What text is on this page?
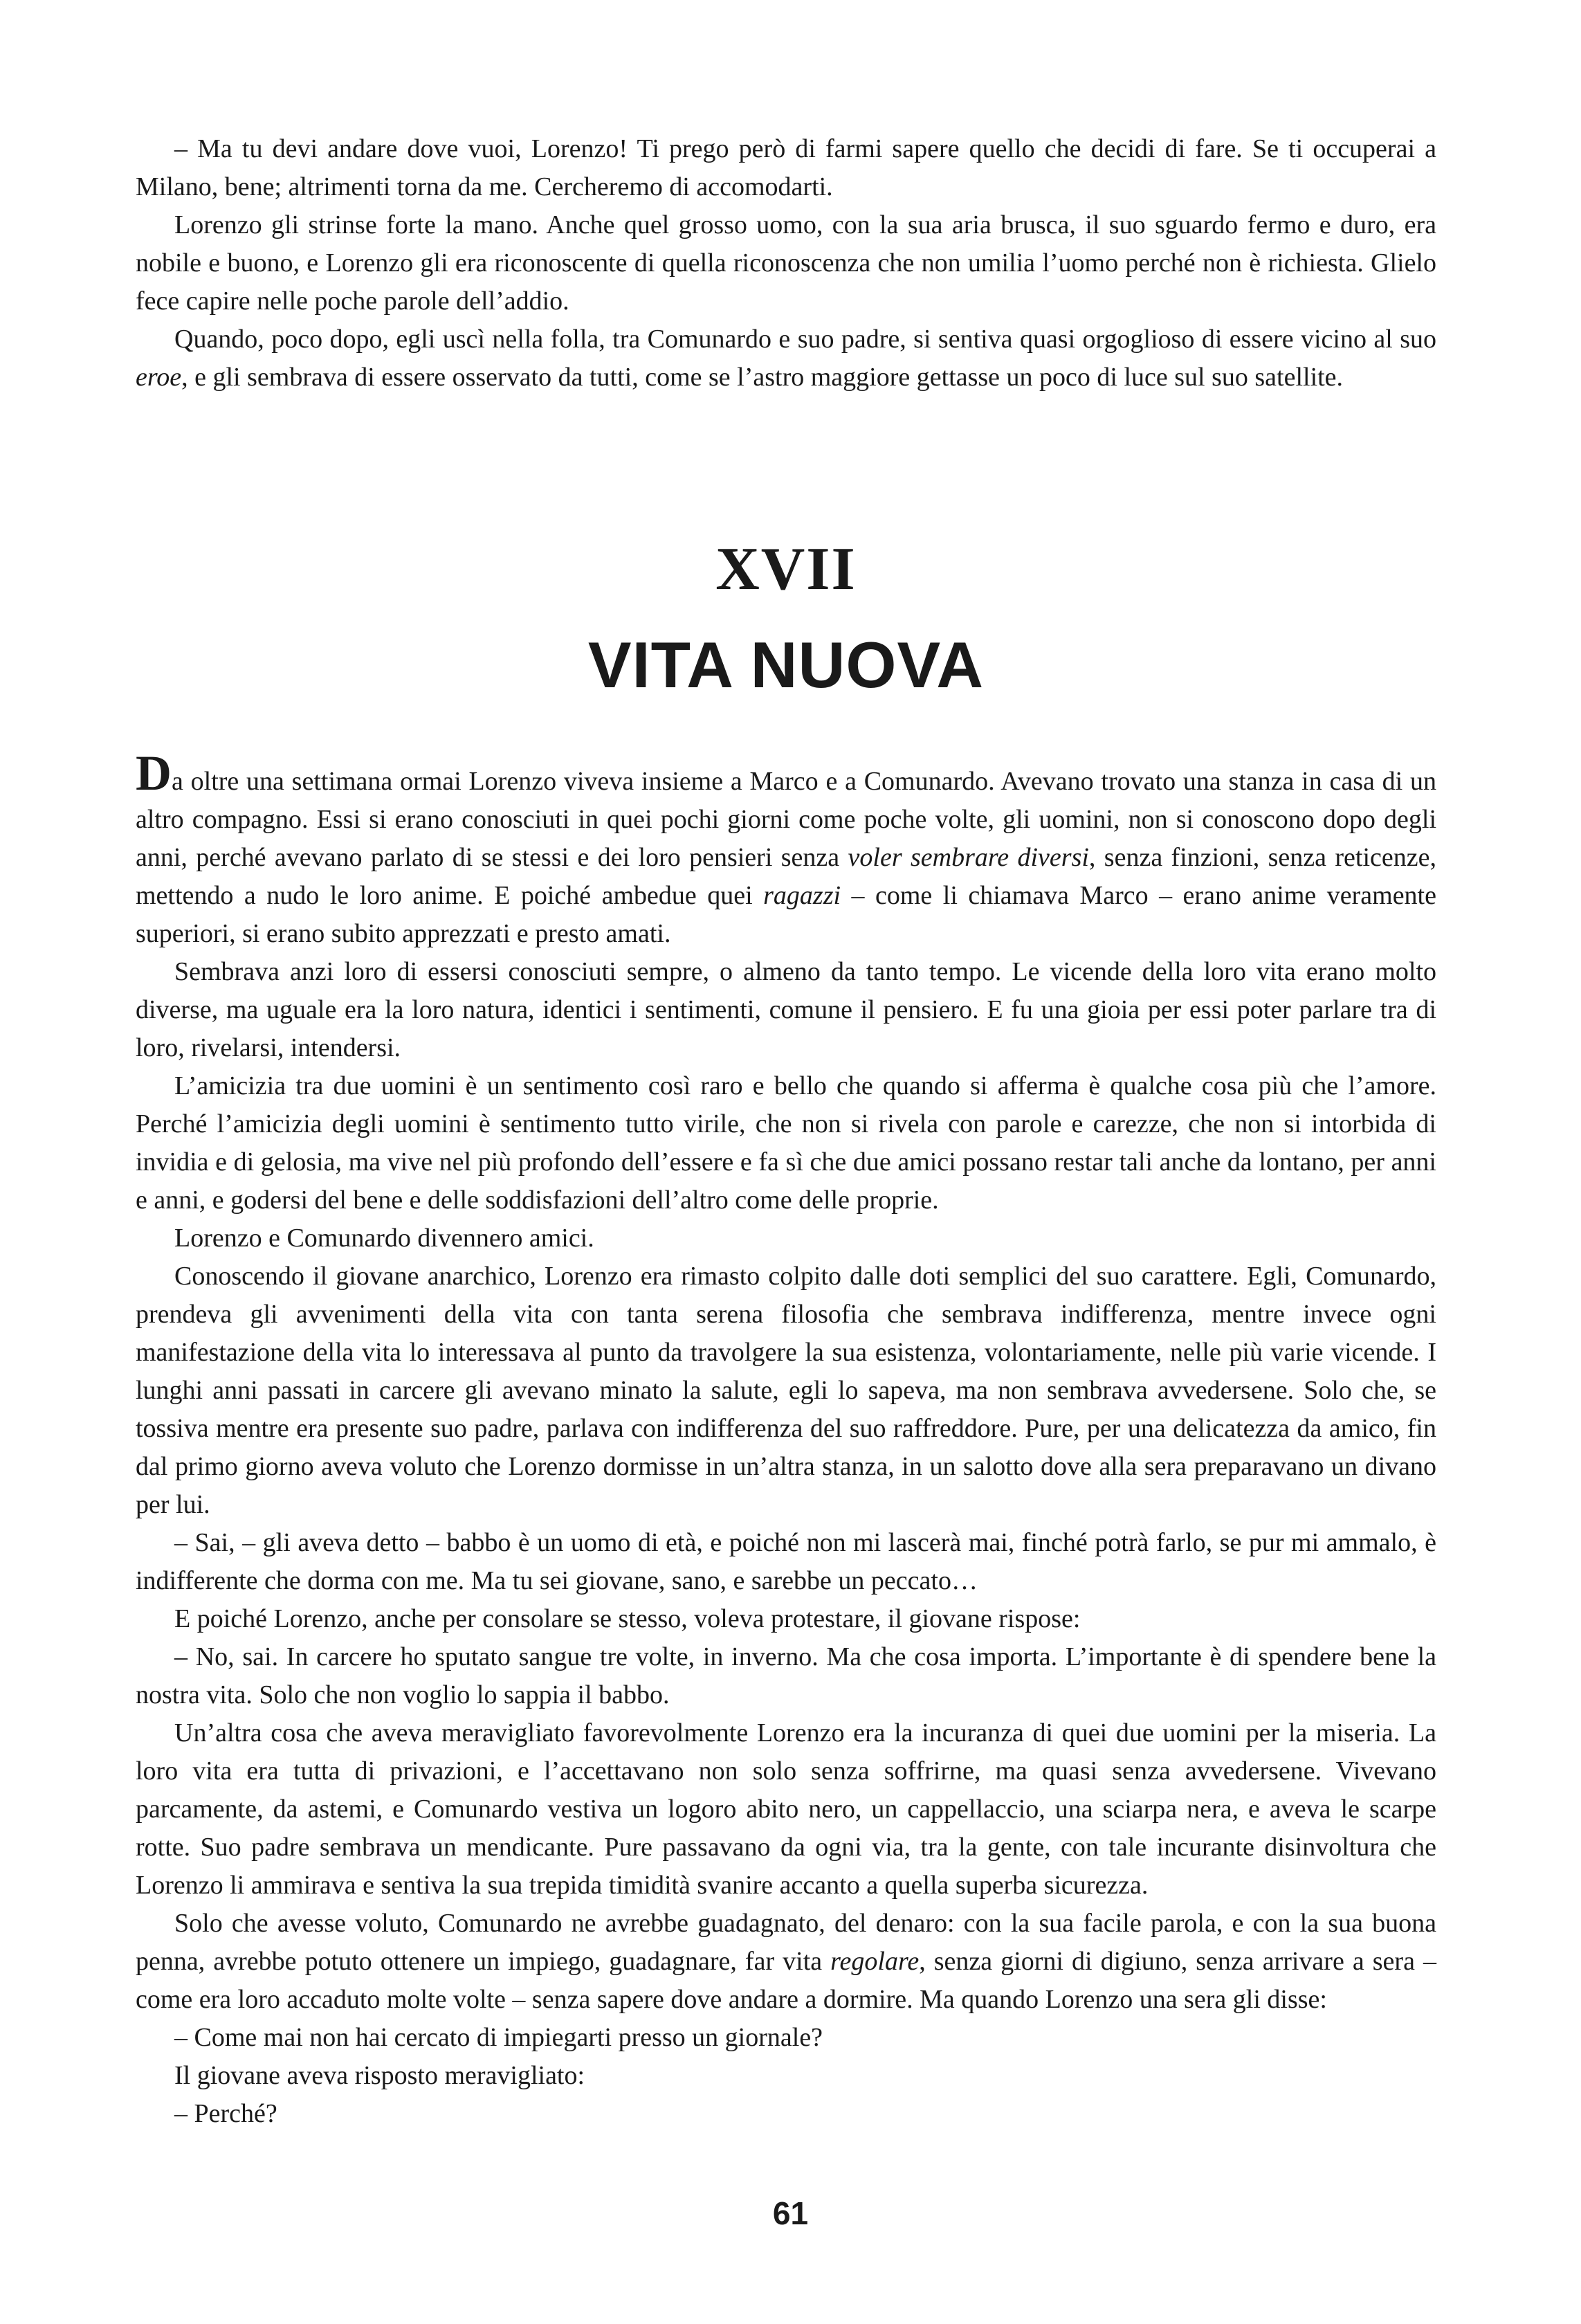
– Ma tu devi andare dove vuoi, Lorenzo! Ti prego però di farmi sapere quello che decidi di fare. Se ti occuperai a Milano, bene; altrimenti torna da me. Cercheremo di accomodarti.

Lorenzo gli strinse forte la mano. Anche quel grosso uomo, con la sua aria brusca, il suo sguardo fermo e duro, era nobile e buono, e Lorenzo gli era riconoscente di quella riconoscenza che non umilia l’uomo perché non è richiesta. Glielo fece capire nelle poche parole dell’addio.

Quando, poco dopo, egli uscì nella folla, tra Comunardo e suo padre, si sentiva quasi orgoglioso di essere vicino al suo eroe, e gli sembrava di essere osservato da tutti, come se l’astro maggiore gettasse un poco di luce sul suo satellite.

XVII
VITA NUOVA

Da oltre una settimana ormai Lorenzo viveva insieme a Marco e a Comunardo. Avevano trovato una stanza in casa di un altro compagno. Essi si erano conosciuti in quei pochi giorni come poche volte, gli uomini, non si conoscono dopo degli anni, perché avevano parlato di se stessi e dei loro pensieri senza voler sembrare diversi, senza finzioni, senza reticenze, mettendo a nudo le loro anime. E poiché ambedue quei ragazzi – come li chiamava Marco – erano anime veramente superiori, si erano subito apprezzati e presto amati.

Sembrava anzi loro di essersi conosciuti sempre, o almeno da tanto tempo. Le vicende della loro vita erano molto diverse, ma uguale era la loro natura, identici i sentimenti, comune il pensiero. E fu una gioia per essi poter parlare tra di loro, rivelarsi, intendersi.

L’amicizia tra due uomini è un sentimento così raro e bello che quando si afferma è qualche cosa più che l’amore. Perché l’amicizia degli uomini è sentimento tutto virile, che non si rivela con parole e carezze, che non si intorbida di invidia e di gelosia, ma vive nel più profondo dell’essere e fa sì che due amici possano restar tali anche da lontano, per anni e anni, e godersi del bene e delle soddisfazioni dell’altro come delle proprie.

Lorenzo e Comunardo divennero amici.

Conoscendo il giovane anarchico, Lorenzo era rimasto colpito dalle doti semplici del suo carattere. Egli, Comunardo, prendeva gli avvenimenti della vita con tanta serena filosofia che sembrava indifferenza, mentre invece ogni manifestazione della vita lo interessava al punto da travolgere la sua esistenza, volontariamente, nelle più varie vicende. I lunghi anni passati in carcere gli avevano minato la salute, egli lo sapeva, ma non sembrava avvedersene. Solo che, se tossiva mentre era presente suo padre, parlava con indifferenza del suo raffreddore. Pure, per una delicatezza da amico, fin dal primo giorno aveva voluto che Lorenzo dormisse in un’altra stanza, in un salotto dove alla sera preparavano un divano per lui.

– Sai, – gli aveva detto – babbo è un uomo di età, e poiché non mi lascerà mai, finché potrà farlo, se pur mi ammalo, è indifferente che dorma con me. Ma tu sei giovane, sano, e sarebbe un peccato…

E poiché Lorenzo, anche per consolare se stesso, voleva protestare, il giovane rispose:

– No, sai. In carcere ho sputato sangue tre volte, in inverno. Ma che cosa importa. L’importante è di spendere bene la nostra vita. Solo che non voglio lo sappia il babbo.

Un’altra cosa che aveva meravigliato favorevolmente Lorenzo era la incuranza di quei due uomini per la miseria. La loro vita era tutta di privazioni, e l’accettavano non solo senza soffrirne, ma quasi senza avvedersene. Vivevano parcamente, da astemi, e Comunardo vestiva un logoro abito nero, un cappellaccio, una sciarpa nera, e aveva le scarpe rotte. Suo padre sembrava un mendicante. Pure passavano da ogni via, tra la gente, con tale incurante disinvoltura che Lorenzo li ammirava e sentiva la sua trepida timidità svanire accanto a quella superba sicurezza.

Solo che avesse voluto, Comunardo ne avrebbe guadagnato, del denaro: con la sua facile parola, e con la sua buona penna, avrebbe potuto ottenere un impiego, guadagnare, far vita regolare, senza giorni di digiuno, senza arrivare a sera – come era loro accaduto molte volte – senza sapere dove andare a dormire. Ma quando Lorenzo una sera gli disse:

– Come mai non hai cercato di impiegarti presso un giornale?

Il giovane aveva risposto meravigliato:

– Perché?

61
